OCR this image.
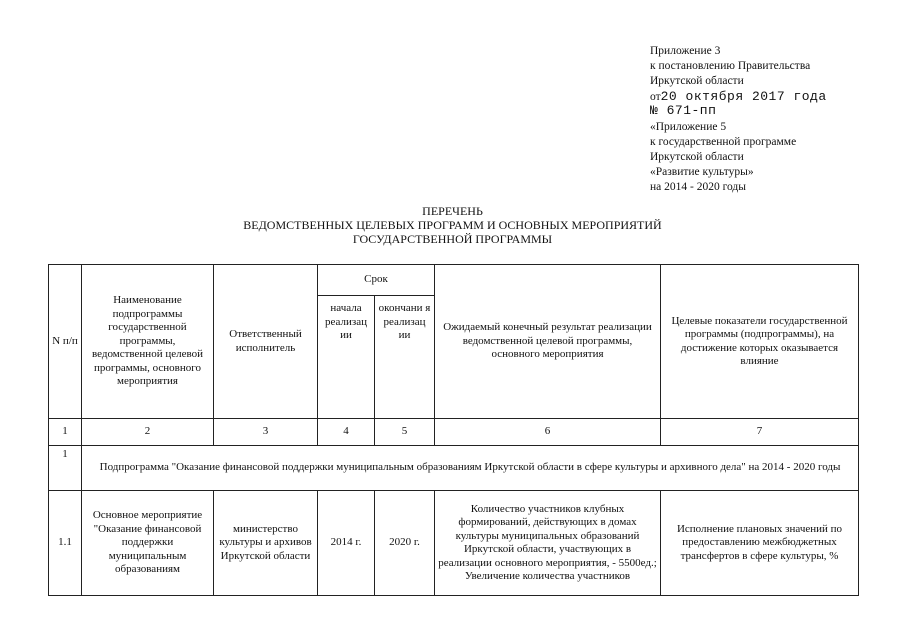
Приложение 3
к постановлению Правительства
Иркутской области
от20 октября 2017 года
№ 671-пп
«Приложение 5
к государственной программе
Иркутской области
«Развитие культуры»
на 2014 - 2020 годы
ПЕРЕЧЕНЬ
ВЕДОМСТВЕННЫХ ЦЕЛЕВЫХ ПРОГРАММ И ОСНОВНЫХ МЕРОПРИЯТИЙ
ГОСУДАРСТВЕННОЙ ПРОГРАММЫ
N п/п	Наименование подпрограммы государственной программы, ведомственной целевой программы, основного мероприятия	Ответственный исполнитель	Срок		Ожидаемый конечный результат реализации ведомственной целевой программы, основного мероприятия	Целевые показатели государственной программы (подпрограммы), на достижение которых оказывается влияние
			начала реализац ии	окончани я реализац ии		
1	2	3	4	5	6	7
1	Подпрограмма "Оказание финансовой поддержки муниципальным образованиям Иркутской области в сфере культуры и архивного дела" на 2014 - 2020 годы					
1.1	Основное мероприятие "Оказание финансовой поддержки муниципальным образованиям	министерство культуры и архивов Иркутской области	2014 г.	2020 г.	Количество участников клубных формирований, действующих в домах культуры муниципальных образований Иркутской области, участвующих в реализации основного мероприятия, - 5500ед.; Увеличение количества участников	Исполнение плановых значений по предоставлению межбюджетных трансфертов в сфере культуры, %
